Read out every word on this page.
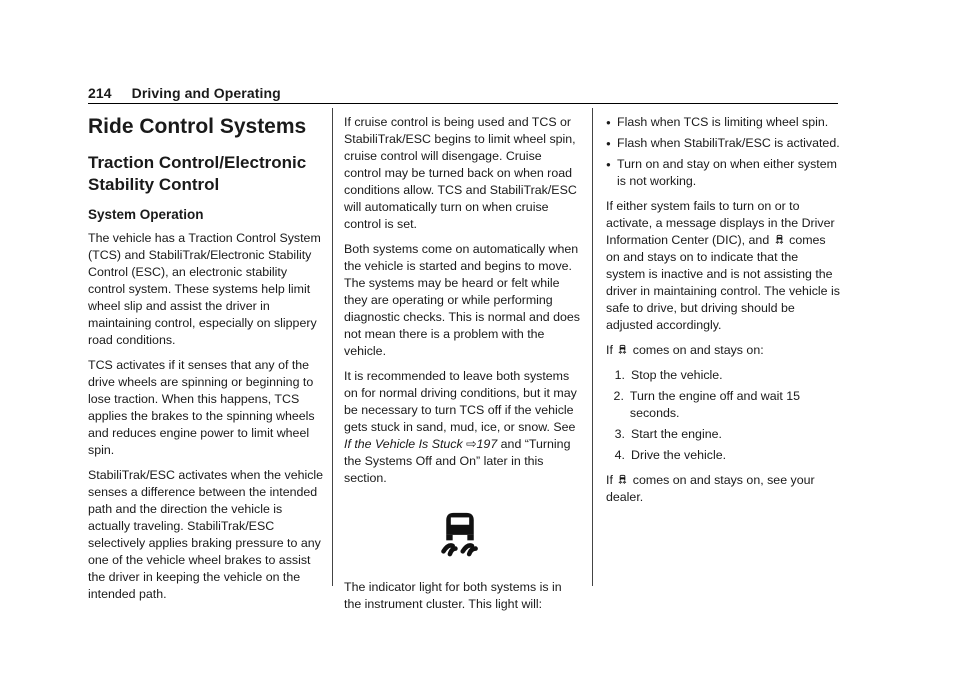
214 Driving and Operating
Ride Control Systems
Traction Control/Electronic Stability Control
System Operation

The vehicle has a Traction Control System (TCS) and StabiliTrak/Electronic Stability Control (ESC), an electronic stability control system. These systems help limit wheel slip and assist the driver in maintaining control, especially on slippery road conditions.

TCS activates if it senses that any of the drive wheels are spinning or beginning to lose traction. When this happens, TCS applies the brakes to the spinning wheels and reduces engine power to limit wheel spin.

StabiliTrak/ESC activates when the vehicle senses a difference between the intended path and the direction the vehicle is actually traveling. StabiliTrak/ESC selectively applies braking pressure to any one of the vehicle wheel brakes to assist the driver in keeping the vehicle on the intended path.

If cruise control is being used and TCS or StabiliTrak/ESC begins to limit wheel spin, cruise control will disengage. Cruise control may be turned back on when road conditions allow. TCS and StabiliTrak/ESC will automatically turn on when cruise control is set.

Both systems come on automatically when the vehicle is started and begins to move. The systems may be heard or felt while they are operating or while performing diagnostic checks. This is normal and does not mean there is a problem with the vehicle.

It is recommended to leave both systems on for normal driving conditions, but it may be necessary to turn TCS off if the vehicle gets stuck in sand, mud, ice, or snow. See If the Vehicle Is Stuck ⇨197 and “Turning the Systems Off and On” later in this section.

The indicator light for both systems is in the instrument cluster. This light will:

● Flash when TCS is limiting wheel spin.
● Flash when StabiliTrak/ESC is activated.
● Turn on and stay on when either system is not working.

If either system fails to turn on or to activate, a message displays in the Driver Information Center (DIC), and comes on and stays on to indicate that the system is inactive and is not assisting the driver in maintaining control. The vehicle is safe to drive, but driving should be adjusted accordingly.

If comes on and stays on:

1. Stop the vehicle.
2. Turn the engine off and wait 15 seconds.
3. Start the engine.
4. Drive the vehicle.

If comes on and stays on, see your dealer.
